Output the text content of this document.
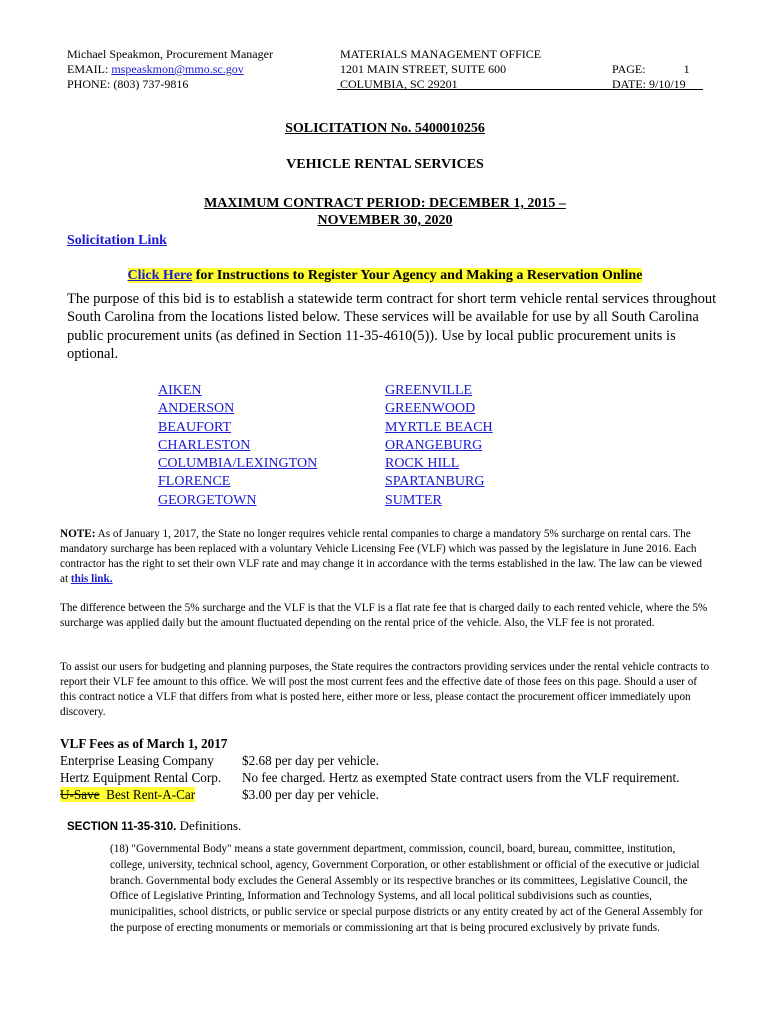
Michael Speakmon, Procurement Manager
EMAIL: mspeaskmon@mmo.sc.gov
PHONE: (803) 737-9816
MATERIALS MANAGEMENT OFFICE
1201 MAIN STREET, SUITE 600
COLUMBIA, SC 29201
PAGE:	1
DATE: 9/10/19
SOLICITATION No. 5400010256
VEHICLE RENTAL SERVICES
MAXIMUM CONTRACT PERIOD: DECEMBER 1, 2015 –
NOVEMBER 30, 2020
Solicitation Link
Click Here for Instructions to Register Your Agency and Making a Reservation Online
The purpose of this bid is to establish a statewide term contract for short term vehicle rental services throughout South Carolina from the locations listed below. These services will be available for use by all South Carolina public procurement units (as defined in Section 11-35-4610(5)). Use by local public procurement units is optional.
AIKEN
ANDERSON
BEAUFORT
CHARLESTON
COLUMBIA/LEXINGTON
FLORENCE
GEORGETOWN
GREENVILLE
GREENWOOD
MYRTLE BEACH
ORANGEBURG
ROCK HILL
SPARTANBURG
SUMTER
NOTE: As of January 1, 2017, the State no longer requires vehicle rental companies to charge a mandatory 5% surcharge on rental cars. The mandatory surcharge has been replaced with a voluntary Vehicle Licensing Fee (VLF) which was passed by the legislature in June 2016. Each contractor has the right to set their own VLF rate and may change it in accordance with the terms established in the law. The law can be viewed at this link.
The difference between the 5% surcharge and the VLF is that the VLF is a flat rate fee that is charged daily to each rented vehicle, where the 5% surcharge was applied daily but the amount fluctuated depending on the rental price of the vehicle. Also, the VLF fee is not prorated.
To assist our users for budgeting and planning purposes, the State requires the contractors providing services under the rental vehicle contracts to report their VLF fee amount to this office. We will post the most current fees and the effective date of those fees on this page. Should a user of this contract notice a VLF that differs from what is posted here, either more or less, please contact the procurement officer immediately upon discovery.
VLF Fees as of March 1, 2017
Enterprise Leasing Company	$2.68 per day per vehicle.
Hertz Equipment Rental Corp.	No fee charged. Hertz as exempted State contract users from the VLF requirement.
U-Save  Best Rent-A-Car	$3.00 per day per vehicle.
SECTION 11-35-310. Definitions.
(18) "Governmental Body" means a state government department, commission, council, board, bureau, committee, institution, college, university, technical school, agency, Government Corporation, or other establishment or official of the executive or judicial branch. Governmental body excludes the General Assembly or its respective branches or its committees, Legislative Council, the Office of Legislative Printing, Information and Technology Systems, and all local political subdivisions such as counties, municipalities, school districts, or public service or special purpose districts or any entity created by act of the General Assembly for the purpose of erecting monuments or memorials or commissioning art that is being procured exclusively by private funds.
